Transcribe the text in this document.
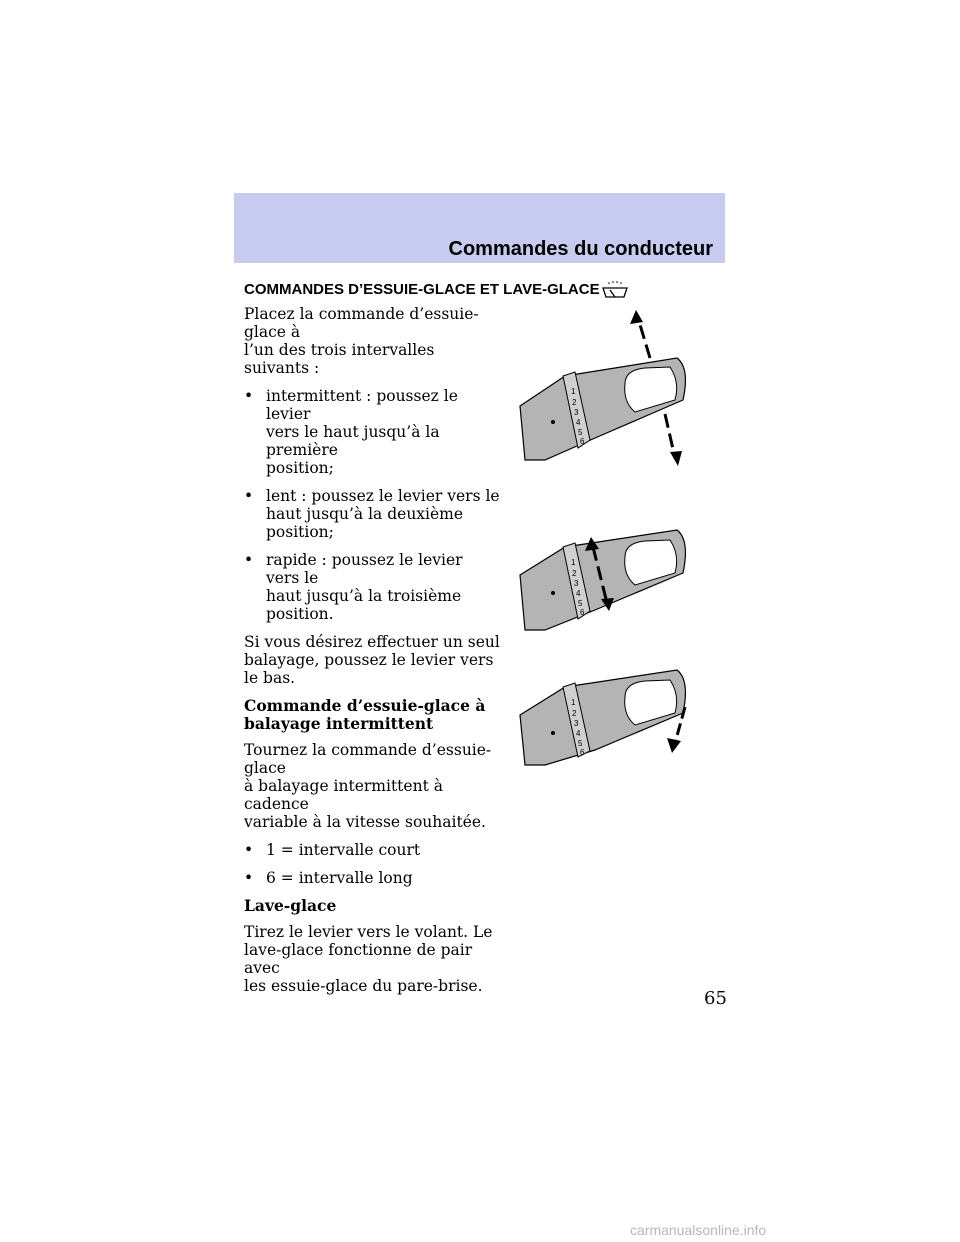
Commandes du conducteur
COMMANDES D’ESSUIE-GLACE ET LAVE-GLACE

Placez la commande d’essuie-glace à
l’un des trois intervalles suivants :

• intermittent : poussez le levier
vers le haut jusqu’à la première
position;
• lent : poussez le levier vers le
haut jusqu’à la deuxième position;
• rapide : poussez le levier vers le
haut jusqu’à la troisième position.

Si vous désirez effectuer un seul
balayage, poussez le levier vers le bas.

Commande d’essuie-glace à
balayage intermittent

Tournez la commande d’essuie-glace
à balayage intermittent à cadence
variable à la vitesse souhaitée.

• 1 = intervalle court
• 6 = intervalle long

Lave-glace

Tirez le levier vers le volant. Le
lave-glace fonctionne de pair avec
les essuie-glace du pare-brise.

1
2
3
4
5
6
1
2
3
4
5
6
1
2
3
4
5
6
65
carmanualsonline.info
